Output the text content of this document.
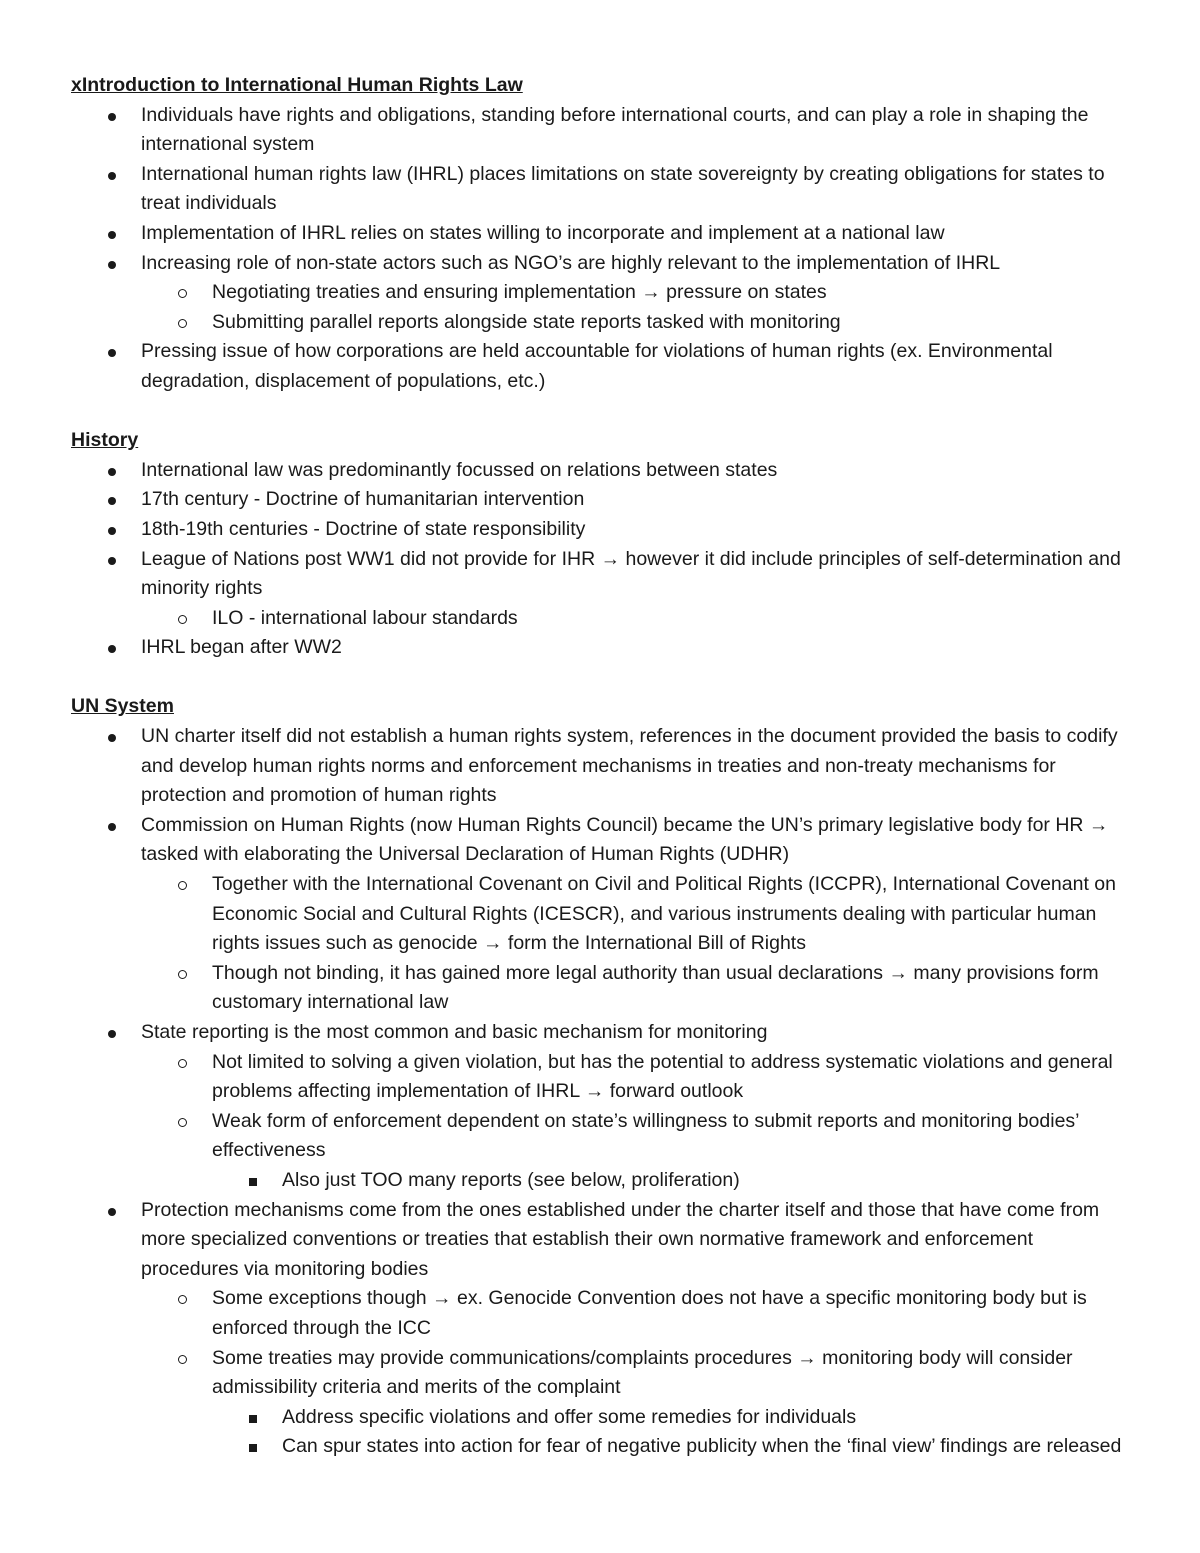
xIntroduction to International Human Rights Law
Individuals have rights and obligations, standing before international courts, and can play a role in shaping the international system
International human rights law (IHRL) places limitations on state sovereignty by creating obligations for states to treat individuals
Implementation of IHRL relies on states willing to incorporate and implement at a national law
Increasing role of non-state actors such as NGO’s are highly relevant to the implementation of IHRL
Negotiating treaties and ensuring implementation → pressure on states
Submitting parallel reports alongside state reports tasked with monitoring
Pressing issue of how corporations are held accountable for violations of human rights (ex. Environmental degradation, displacement of populations, etc.)
History
International law was predominantly focussed on relations between states
17th century - Doctrine of humanitarian intervention
18th-19th centuries - Doctrine of state responsibility
League of Nations post WW1 did not provide for IHR → however it did include principles of self-determination and minority rights
ILO - international labour standards
IHRL began after WW2
UN System
UN charter itself did not establish a human rights system, references in the document provided the basis to codify and develop human rights norms and enforcement mechanisms in treaties and non-treaty mechanisms for protection and promotion of human rights
Commission on Human Rights (now Human Rights Council) became the UN’s primary legislative body for HR → tasked with elaborating the Universal Declaration of Human Rights (UDHR)
Together with the International Covenant on Civil and Political Rights (ICCPR), International Covenant on Economic Social and Cultural Rights (ICESCR), and various instruments dealing with particular human rights issues such as genocide → form the International Bill of Rights
Though not binding, it has gained more legal authority than usual declarations → many provisions form customary international law
State reporting is the most common and basic mechanism for monitoring
Not limited to solving a given violation, but has the potential to address systematic violations and general problems affecting implementation of IHRL → forward outlook
Weak form of enforcement dependent on state’s willingness to submit reports and monitoring bodies’ effectiveness
Also just TOO many reports (see below, proliferation)
Protection mechanisms come from the ones established under the charter itself and those that have come from more specialized conventions or treaties that establish their own normative framework and enforcement procedures via monitoring bodies
Some exceptions though → ex. Genocide Convention does not have a specific monitoring body but is enforced through the ICC
Some treaties may provide communications/complaints procedures → monitoring body will consider admissibility criteria and merits of the complaint
Address specific violations and offer some remedies for individuals
Can spur states into action for fear of negative publicity when the ‘final view’ findings are released
